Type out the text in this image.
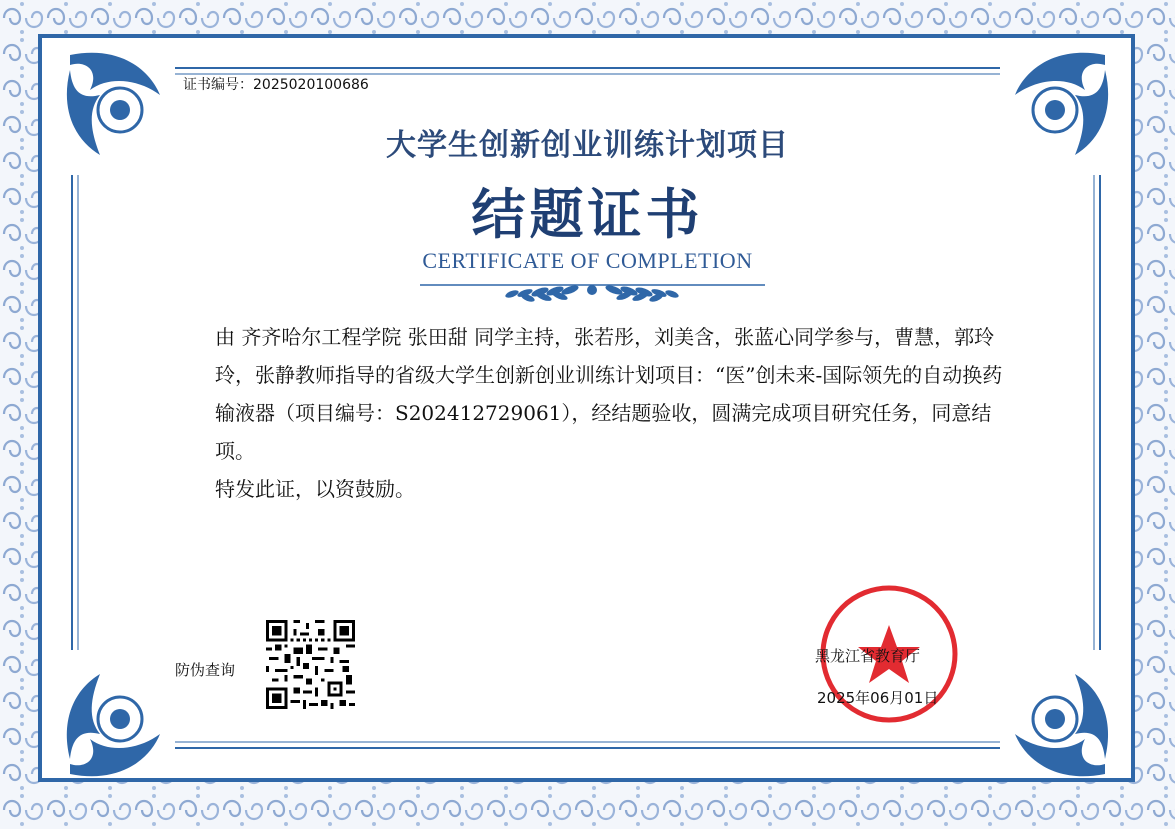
证书编号：2025020100686
大学生创新创业训练计划项目
结题证书
CERTIFICATE OF COMPLETION

由 齐齐哈尔工程学院 张田甜 同学主持，张若彤，刘美含，张蓝心同学参与，曹慧，郭玲玲，张静教师指导的省级大学生创新创业训练计划项目：“医”创未来-国际领先的自动换药输液器（项目编号：S202412729061），经结题验收，圆满完成项目研究任务，同意结项。

特发此证，以资鼓励。

防伪查询
黑龙江省教育厅
2025年06月01日
